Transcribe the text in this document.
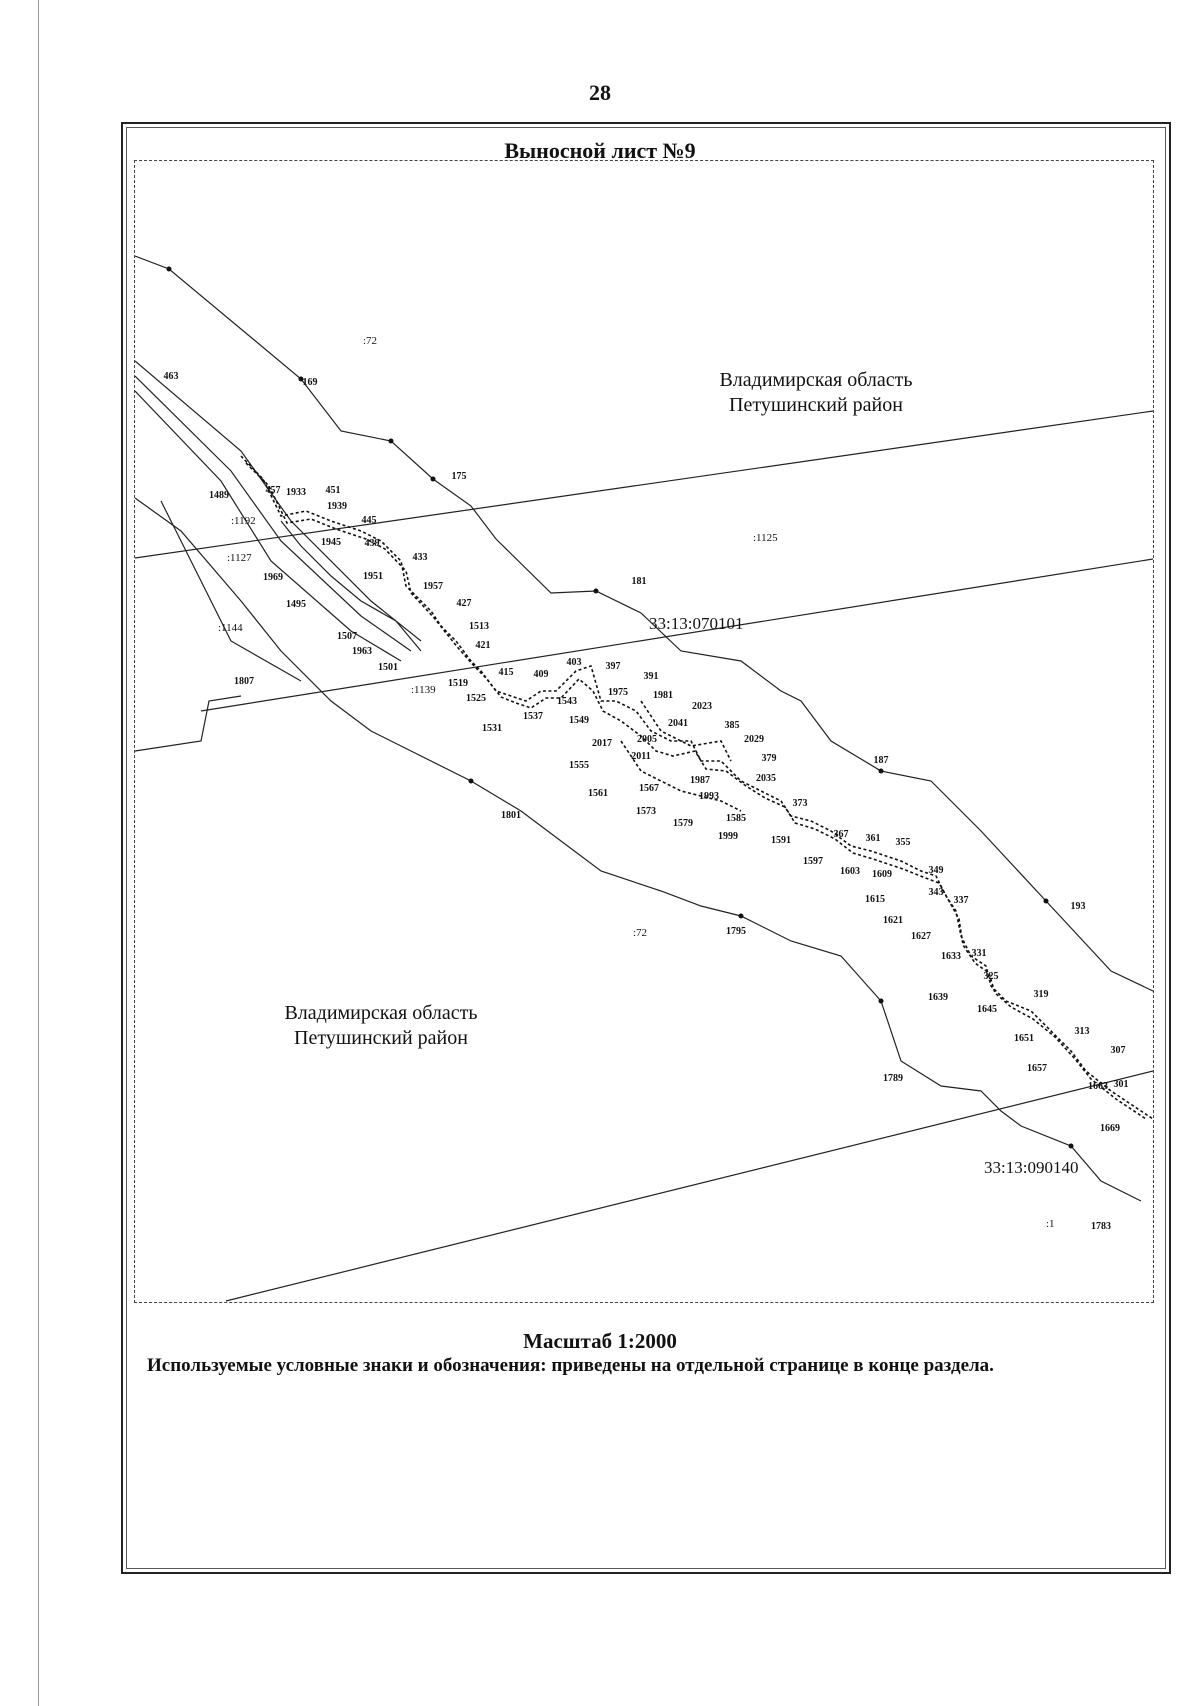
28
Выносной лист №9
Владимирская область
Петушинский район
Владимирская область
Петушинский район
33:13:070101
33:13:090140
:72
:1125
:72
:1144
:1192
:1127
:1139
:1
463
169
175
181
187
193
1489	457 1933 451
1939
445
1945 439
433
1951
1957
427
1513
421
1969
1495
1507
1963
1501
1519
1525
415 409
403 397
1543
1537
1531
1549
1975
391
1981
2023
2041	385
2029
379
2017	2005
2011
1555
1561	1567
1987	2035
1993
1573
1579	1585
373
1999	1591
367 361 355
1597
1603 1609	349
343
337
1615
1621
1627
331
1633
325
319
1639
1645
313
1651
307
1657
1663 301
1669
1801
1795
1789
1783
1807
Масштаб 1:2000
Используемые условные знаки и обозначения: приведены на отдельной странице в конце раздела.
